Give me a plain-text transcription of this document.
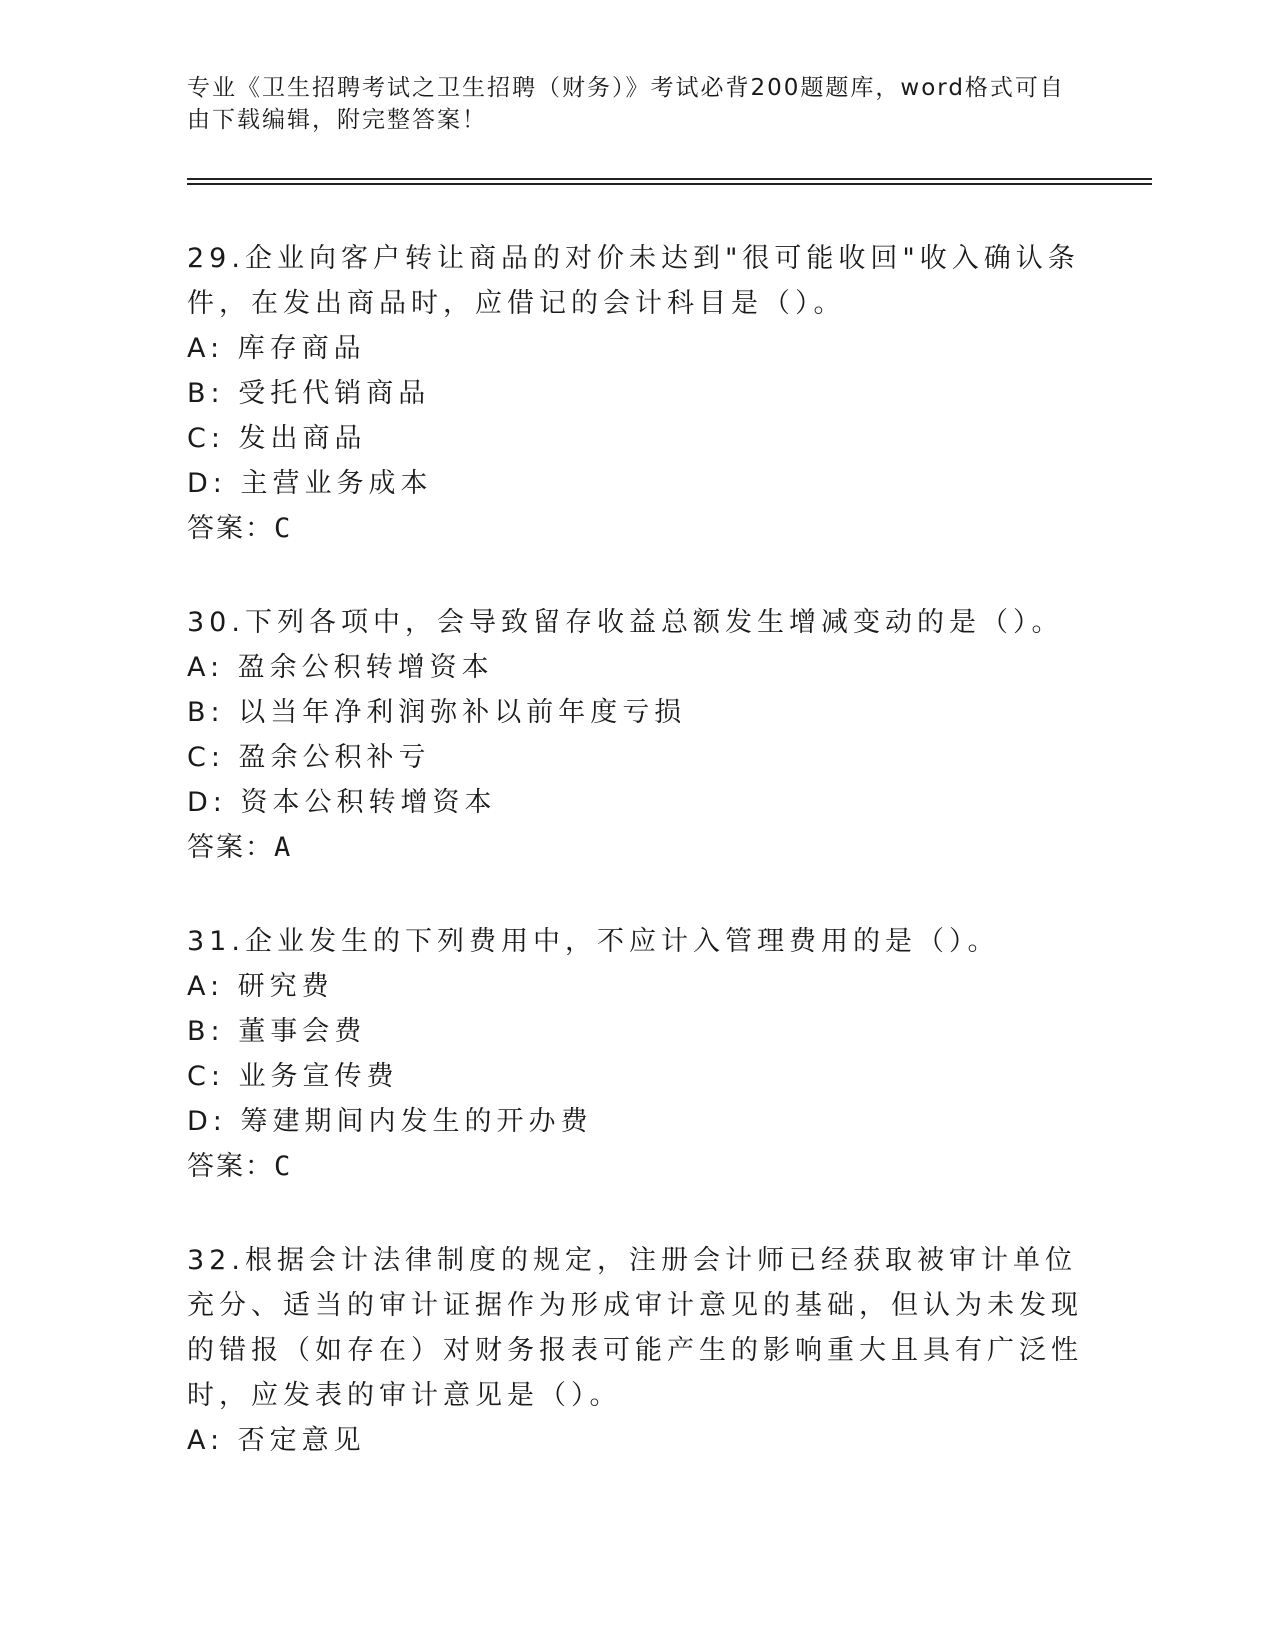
专业《卫生招聘考试之卫生招聘（财务）》考试必背200题题库，word格式可自由下载编辑，附完整答案！

29.企业向客户转让商品的对价未达到"很可能收回"收入确认条件，在发出商品时，应借记的会计科目是（）。

A: 库存商品

B: 受托代销商品

C: 发出商品

D: 主营业务成本

答案：C

30.下列各项中，会导致留存收益总额发生增减变动的是（）。

A: 盈余公积转增资本

B: 以当年净利润弥补以前年度亏损

C: 盈余公积补亏

D: 资本公积转增资本

答案：A

31.企业发生的下列费用中，不应计入管理费用的是（）。

A: 研究费

B: 董事会费

C: 业务宣传费

D: 筹建期间内发生的开办费

答案：C

32.根据会计法律制度的规定，注册会计师已经获取被审计单位充分、适当的审计证据作为形成审计意见的基础，但认为未发现的错报（如存在）对财务报表可能产生的影响重大且具有广泛性时，应发表的审计意见是（）。

A: 否定意见
